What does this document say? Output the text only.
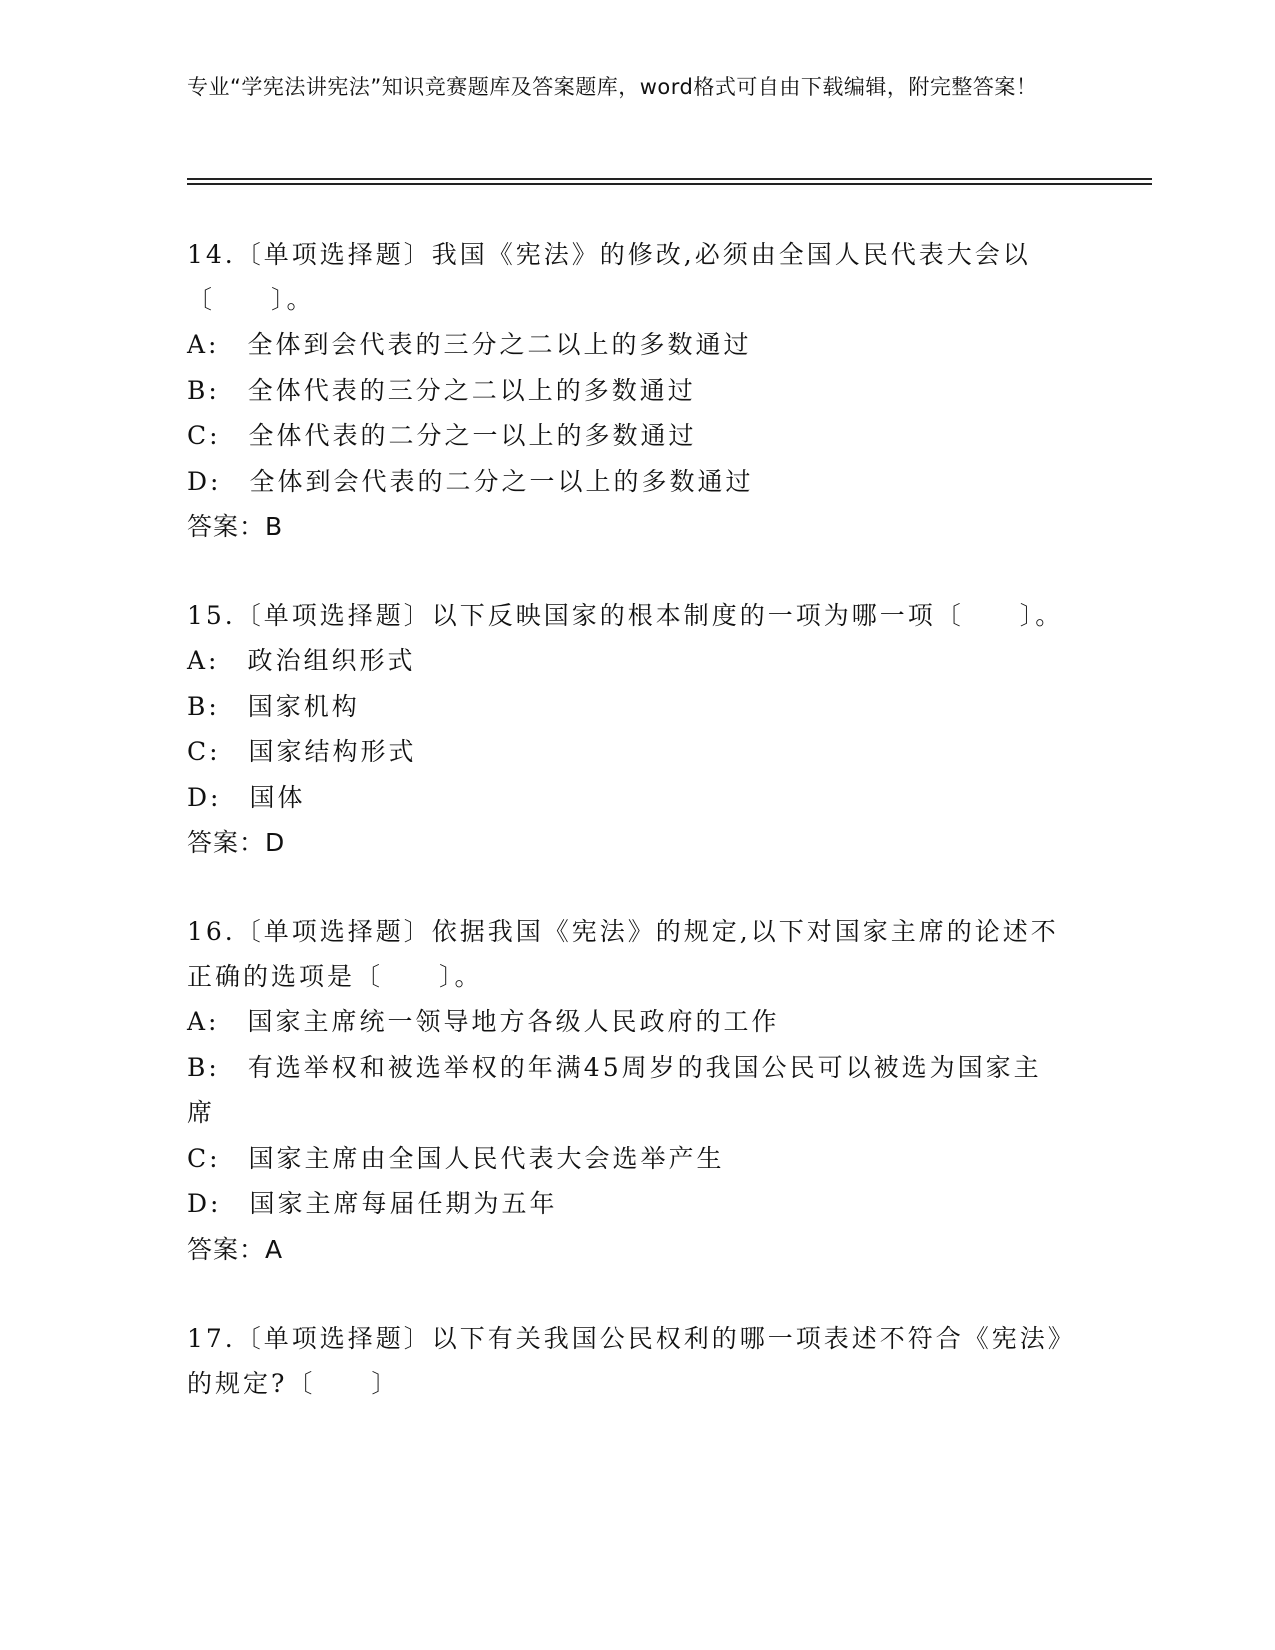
专业“学宪法讲宪法”知识竞赛题库及答案题库，word格式可自由下载编辑，附完整答案！

14.〔单项选择题〕我国《宪法》的修改,必须由全国人民代表大会以〔　　〕。

A:　全体到会代表的三分之二以上的多数通过

B:　全体代表的三分之二以上的多数通过

C:　全体代表的二分之一以上的多数通过

D:　全体到会代表的二分之一以上的多数通过

答案：B

15.〔单项选择题〕以下反映国家的根本制度的一项为哪一项〔　　〕。

A:　政治组织形式

B:　国家机构

C:　国家结构形式

D:　国体

答案：D

16.〔单项选择题〕依据我国《宪法》的规定,以下对国家主席的论述不正确的选项是〔　　〕。

A:　国家主席统一领导地方各级人民政府的工作

B:　有选举权和被选举权的年满45周岁的我国公民可以被选为国家主席

C:　国家主席由全国人民代表大会选举产生

D:　国家主席每届任期为五年

答案：A

17.〔单项选择题〕以下有关我国公民权利的哪一项表述不符合《宪法》的规定?〔　　〕
